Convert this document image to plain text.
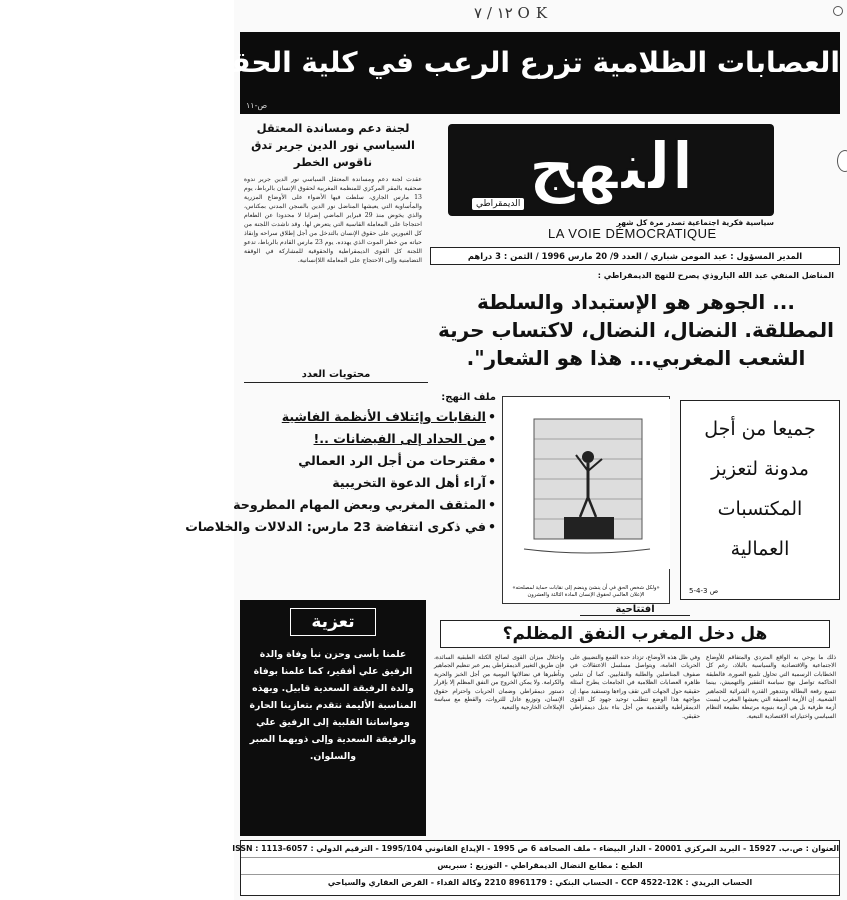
١٢ / ٧ OK
العصابات الظلامية تزرع الرعب في كلية الحقوق بالدار البيضاء
ص-١١
لجنة دعم ومساندة المعتقل السياسي نور الدين جرير تدق ناقوس الخطر
عقدت لجنة دعم ومساندة المعتقل السياسي نور الدين جرير ندوة صحفية بالمقر المركزي للمنظمة المغربية لحقوق الإنسان بالرباط، يوم 13 مارس الجاري، سلطت فيها الأضواء على الأوضاع المزرية والمأساوية التي يعيشها المناضل نور الدين بالسجن المدني بمكناس، والذي يخوض منذ 29 فبراير الماضي إضرابا لا محدودا عن الطعام احتجاجا على المعاملة القاسية التي يتعرض لها. وقد ناشدت اللجنة من كل الغيورين على حقوق الإنسان بالتدخل من أجل إطلاق سراحه وإنقاذ حياته من خطر الموت الذي يهدده. يوم 23 مارس القادم بالرباط، تدعو اللجنة كل القوى الديمقراطية والحقوقية للمشاركة في الوقفة التضامنية وإلى الاحتجاج على المعاملة اللاإنسانية.
النهج
الديمقراطي
سياسية فكرية اجتماعية تصدر مرة كل شهر
LA VOIE DÉMOCRATIQUE
المدير المسؤول : عبد المومن شباري / العدد 9/ 20 مارس 1996 / الثمن : 3 دراهم
المناضل المنفي عبد الله الباروذي يصرح للنهج الديمقراطي :
... الجوهر هو الإستبداد والسلطة المطلقة. النضال، النضال، لاكتساب حرية الشعب المغربي... هذا هو الشعار".
محتويات العدد
ملف النهج:
• النقابات وإئتلاف الأنظمة الفاشية
• من الحداد إلى الفيضانات ..!
• مقترحات من أجل الرد العمالي
• آراء أهل الدعوة التخريبية
• المثقف المغربي وبعض المهام المطروحة
• في ذكرى انتفاضة 23 مارس: الدلالات والخلاصات
«ولكل شخص الحق في أن ينشئ وينضم إلى نقابات حماية لمصلحته» الإعلان العالمي لحقوق الإنسان المادة الثالثة والعشرون
جميعا من أجل مدونة لتعزيز المكتسبات العمالية
ص 3-4-5
تعزية
علمنا بأسى وحزن نبأ وفاة والدة الرفيق علي أفقير، كما علمنا بوفاة والدة الرفيقة السعدية قابيل. وبهذه المناسبة الأليمة نتقدم بتعازينا الحارة ومواساتنا القلبية إلى الرفيق علي والرفيقة السعدية وإلى ذويهما الصبر والسلوان.
افتتاحية
هل دخل المغرب النفق المظلم؟
ذلك ما يوحي به الواقع المتردي والمتفاقم للأوضاع الاجتماعية والاقتصادية والسياسية بالبلاد، رغم كل الخطابات الرسمية التي تحاول تلميع الصورة. فالطبقة الحاكمة تواصل نهج سياسة التفقير والتهميش، بينما تتسع رقعة البطالة وتتدهور القدرة الشرائية للجماهير الشعبية. إن الأزمة العميقة التي يعيشها المغرب ليست أزمة ظرفية بل هي أزمة بنيوية مرتبطة بطبيعة النظام السياسي واختياراته الاقتصادية التبعية.
وفي ظل هذه الأوضاع، تزداد حدة القمع والتضييق على الحريات العامة، ويتواصل مسلسل الاعتقالات في صفوف المناضلين والطلبة والنقابيين. كما أن تنامي ظاهرة العصابات الظلامية في الجامعات يطرح أسئلة حقيقية حول الجهات التي تقف وراءها وتستفيد منها. إن مواجهة هذا الوضع تتطلب توحيد جهود كل القوى الديمقراطية والتقدمية من أجل بناء بديل ديمقراطي حقيقي.
واختلال ميزان القوى لصالح الكتلة الطبقية السائدة، فإن طريق التغيير الديمقراطي يمر عبر تنظيم الجماهير وتأطيرها في نضالاتها اليومية من أجل الخبز والحرية والكرامة. ولا يمكن الخروج من النفق المظلم إلا بإقرار دستور ديمقراطي وضمان الحريات واحترام حقوق الإنسان، وتوزيع عادل للثروات، والقطع مع سياسة الإملاءات الخارجية والتبعية.
العنوان : ص.ب. 15927 - البريد المركزي 20001 - الدار البيضاء - ملف الصحافة 6 ص 1995 - الإيداع القانوني 1995/104 - الترقيم الدولي : ISSN : 1113-6057
الطبع : مطابع النضال الديمقراطي - التوزيع : سبريس
الحساب البريدي : CCP 4522-12K - الحساب البنكي : 8961179 2210 وكالة الفداء - القرض العقاري والسياحي
